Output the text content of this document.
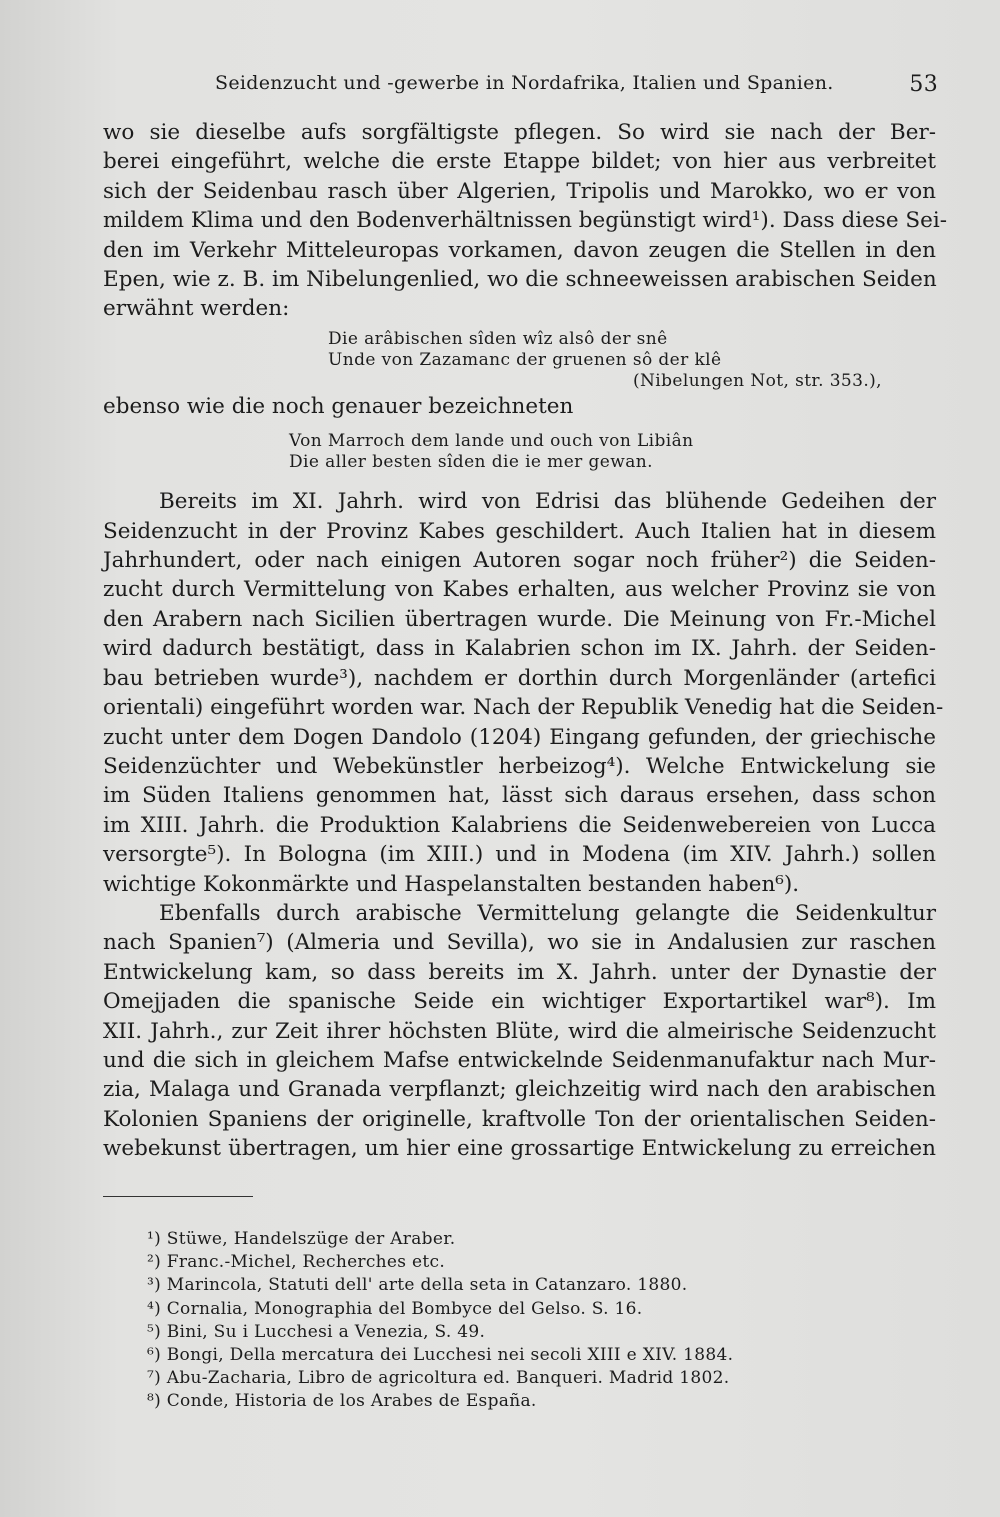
Seidenzucht und -gewerbe in Nordafrika, Italien und Spanien.	53
wo sie dieselbe aufs sorgfältigste pflegen. So wird sie nach der Ber-
berei eingeführt, welche die erste Etappe bildet; von hier aus verbreitet
sich der Seidenbau rasch über Algerien, Tripolis und Marokko, wo er von
mildem Klima und den Bodenverhältnissen begünstigt wird¹). Dass diese Sei-
den im Verkehr Mitteleuropas vorkamen, davon zeugen die Stellen in den
Epen, wie z. B. im Nibelungenlied, wo die schneeweissen arabischen Seiden
erwähnt werden:
Die arâbischen sîden wîz alsô der snê
Unde von Zazamanc der gruenen sô der klê
(Nibelungen Not, str. 353.),
ebenso wie die noch genauer bezeichneten
Von Marroch dem lande und ouch von Libiân
Die aller besten sîden die ie mer gewan.
Bereits im XI. Jahrh. wird von Edrisi das blühende Gedeihen der
Seidenzucht in der Provinz Kabes geschildert. Auch Italien hat in diesem
Jahrhundert, oder nach einigen Autoren sogar noch früher²) die Seiden-
zucht durch Vermittelung von Kabes erhalten, aus welcher Provinz sie von
den Arabern nach Sicilien übertragen wurde. Die Meinung von Fr.-Michel
wird dadurch bestätigt, dass in Kalabrien schon im IX. Jahrh. der Seiden-
bau betrieben wurde³), nachdem er dorthin durch Morgenländer (artefici
orientali) eingeführt worden war. Nach der Republik Venedig hat die Seiden-
zucht unter dem Dogen Dandolo (1204) Eingang gefunden, der griechische
Seidenzüchter und Webekünstler herbeizog⁴). Welche Entwickelung sie
im Süden Italiens genommen hat, lässt sich daraus ersehen, dass schon
im XIII. Jahrh. die Produktion Kalabriens die Seidenwebereien von Lucca
versorgte⁵). In Bologna (im XIII.) und in Modena (im XIV. Jahrh.) sollen
wichtige Kokonmärkte und Haspelanstalten bestanden haben⁶).
Ebenfalls durch arabische Vermittelung gelangte die Seidenkultur
nach Spanien⁷) (Almeria und Sevilla), wo sie in Andalusien zur raschen
Entwickelung kam, so dass bereits im X. Jahrh. unter der Dynastie der
Omejjaden die spanische Seide ein wichtiger Exportartikel war⁸). Im
XII. Jahrh., zur Zeit ihrer höchsten Blüte, wird die almeirische Seidenzucht
und die sich in gleichem Mafse entwickelnde Seidenmanufaktur nach Mur-
zia, Malaga und Granada verpflanzt; gleichzeitig wird nach den arabischen
Kolonien Spaniens der originelle, kraftvolle Ton der orientalischen Seiden-
webekunst übertragen, um hier eine grossartige Entwickelung zu erreichen
¹) Stüwe, Handelszüge der Araber.
²) Franc.-Michel, Recherches etc.
³) Marincola, Statuti dell' arte della seta in Catanzaro. 1880.
⁴) Cornalia, Monographia del Bombyce del Gelso. S. 16.
⁵) Bini, Su i Lucchesi a Venezia, S. 49.
⁶) Bongi, Della mercatura dei Lucchesi nei secoli XIII e XIV. 1884.
⁷) Abu-Zacharia, Libro de agricoltura ed. Banqueri. Madrid 1802.
⁸) Conde, Historia de los Arabes de España.
